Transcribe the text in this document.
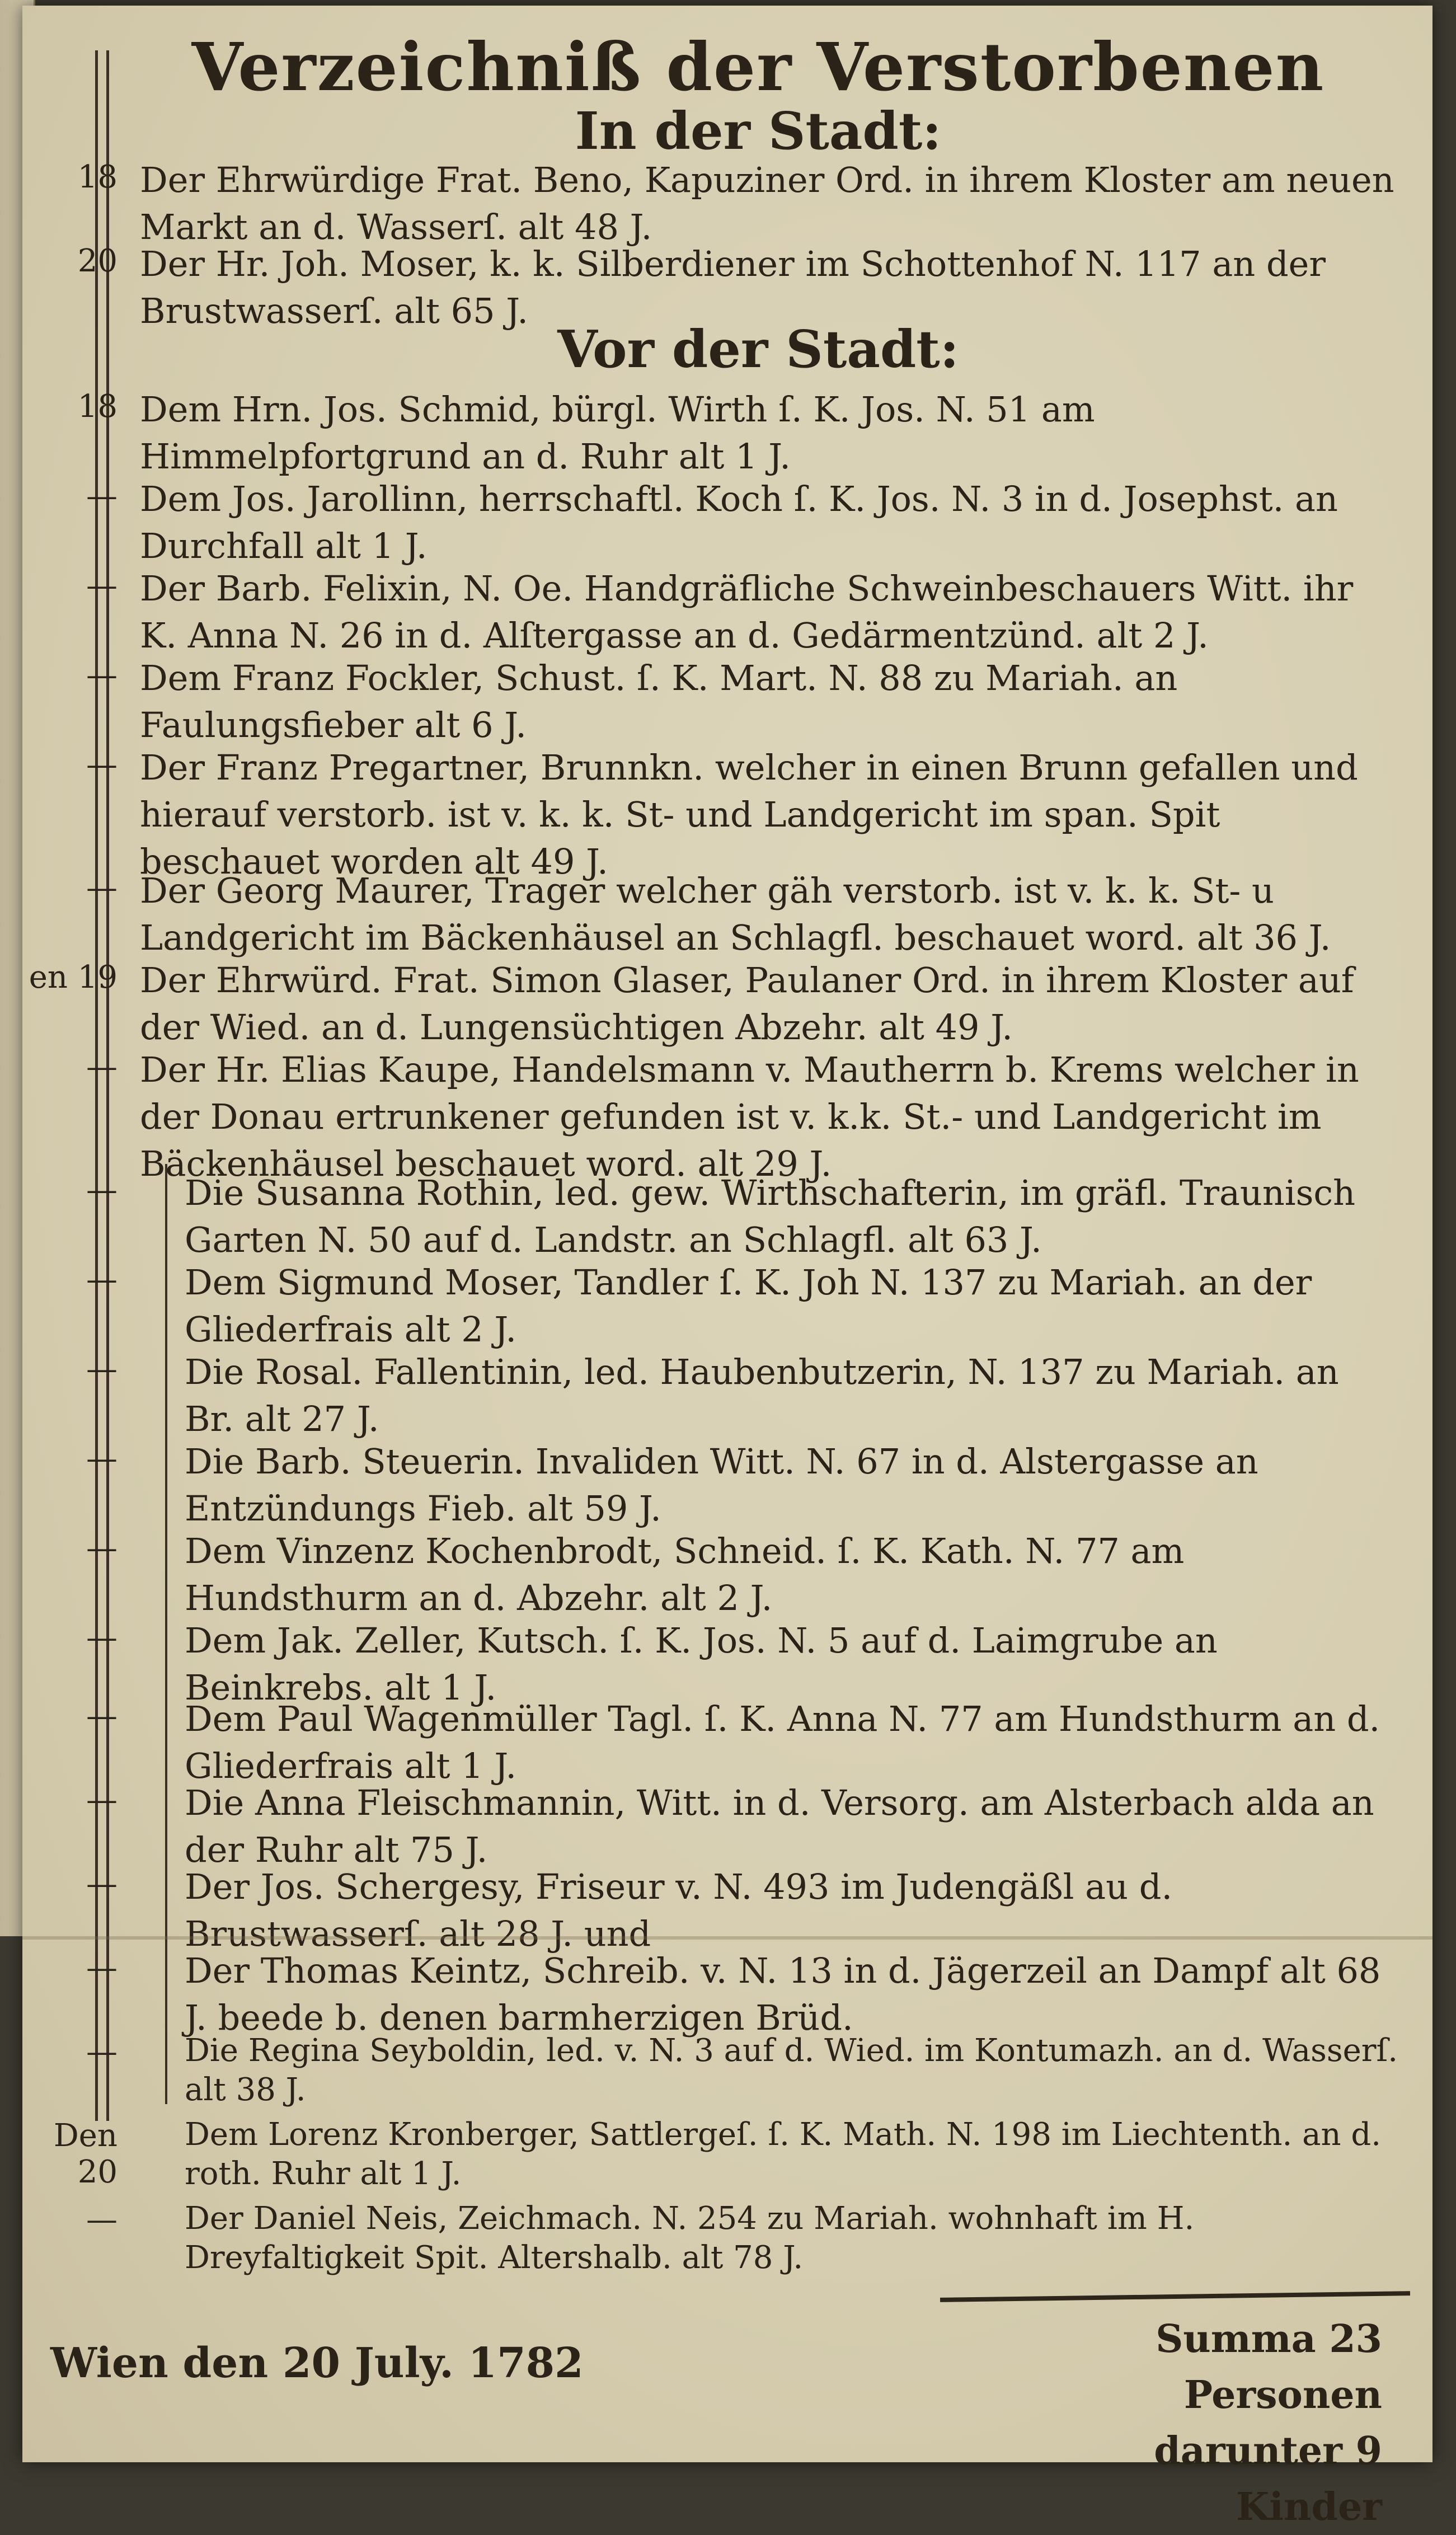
Verzeichniß der Verstorbenen
In der Stadt:
Vor der Stadt:
18 Der Ehrwürdige Frat. Beno, Kapuziner Ord. in ihrem Kloster am neuen Markt an d. Wasserſ. alt 48 J.
20 Der Hr. Joh. Moser, k. k. Silberdiener im Schottenhof N. 117 an der Brustwasserſ. alt 65 J.
18 Dem Hrn. Jos. Schmid, bürgl. Wirth ſ. K. Jos. N. 51 am Himmelpfortgrund an d. Ruhr alt 1 J.
— Dem Jos. Jarollinn, herrschaftl. Koch ſ. K. Jos. N. 3 in d. Josephst. an Durchfall alt 1 J.
— Der Barb. Felixin, N. Oe. Handgräfliche Schweinbeschauers Witt. ihr K. Anna N. 26 in d. Alſtergasse an d. Gedärmentzünd. alt 2 J.
— Dem Franz Fockler, Schust. ſ. K. Mart. N. 88 zu Mariah. an Faulungsfieber alt 6 J.
— Der Franz Pregartner, Brunnkn. welcher in einen Brunn gefallen und hierauf verstorb. ist v. k. k. St- und Landgericht im span. Spit beschauet worden alt 49 J.
— Der Georg Maurer, Trager welcher gäh verstorb. ist v. k. k. St- u Landgericht im Bäckenhäusel an Schlagfl. beschauet word. alt 36 J.
en 19 Der Ehrwürd. Frat. Simon Glaser, Paulaner Ord. in ihrem Kloster auf der Wied. an d. Lungensüchtigen Abzehr. alt 49 J.
— Der Hr. Elias Kaupe, Handelsmann v. Mautherrn b. Krems welcher in der Donau ertrunkener gefunden ist v. k.k. St.- und Landgericht im Bäckenhäusel beschauet word. alt 29 J.
— Die Susanna Rothin, led. gew. Wirthschafterin, im gräfl. Traunisch Garten N. 50 auf d. Landstr. an Schlagfl. alt 63 J.
— Dem Sigmund Moser, Tandler ſ. K. Joh N. 137 zu Mariah. an der Gliederfrais alt 2 J.
— Die Rosal. Fallentinin, led. Haubenbutzerin, N. 137 zu Mariah. an Br. alt 27 J.
— Die Barb. Steuerin. Invaliden Witt. N. 67 in d. Alstergasse an Entzündungs Fieb. alt 59 J.
— Dem Vinzenz Kochenbrodt, Schneid. ſ. K. Kath. N. 77 am Hundsthurm an d. Abzehr. alt 2 J.
— Dem Jak. Zeller, Kutsch. ſ. K. Jos. N. 5 auf d. Laimgrube an Beinkrebs. alt 1 J.
— Dem Paul Wagenmüller Tagl. ſ. K. Anna N. 77 am Hundsthurm an d. Gliederfrais alt 1 J.
— Die Anna Fleischmannin, Witt. in d. Versorg. am Alsterbach alda an der Ruhr alt 75 J.
— Der Jos. Schergesy, Friseur v. N. 493 im Judengäßl au d. Brustwasserſ. alt 28 J. und
— Der Thomas Keintz, Schreib. v. N. 13 in d. Jägerzeil an Dampf alt 68 J. beede b. denen barmherzigen Brüd.
— Die Regina Seyboldin, led. v. N. 3 auf d. Wied. im Kontumazh. an d. Wasserſ. alt 38 J.
Den 20
Dem Lorenz Kronberger, Sattlergeſ. ſ. K. Math. N. 198 im Liechtenth. an d. roth. Ruhr alt 1 J.
— Der Daniel Neis, Zeichmach. N. 254 zu Mariah. wohnhaft im H. Dreyfaltigkeit Spit. Altershalb. alt 78 J.
Wien den 20 July. 1782	Summa 23 Personen
darunter 9 Kinder
